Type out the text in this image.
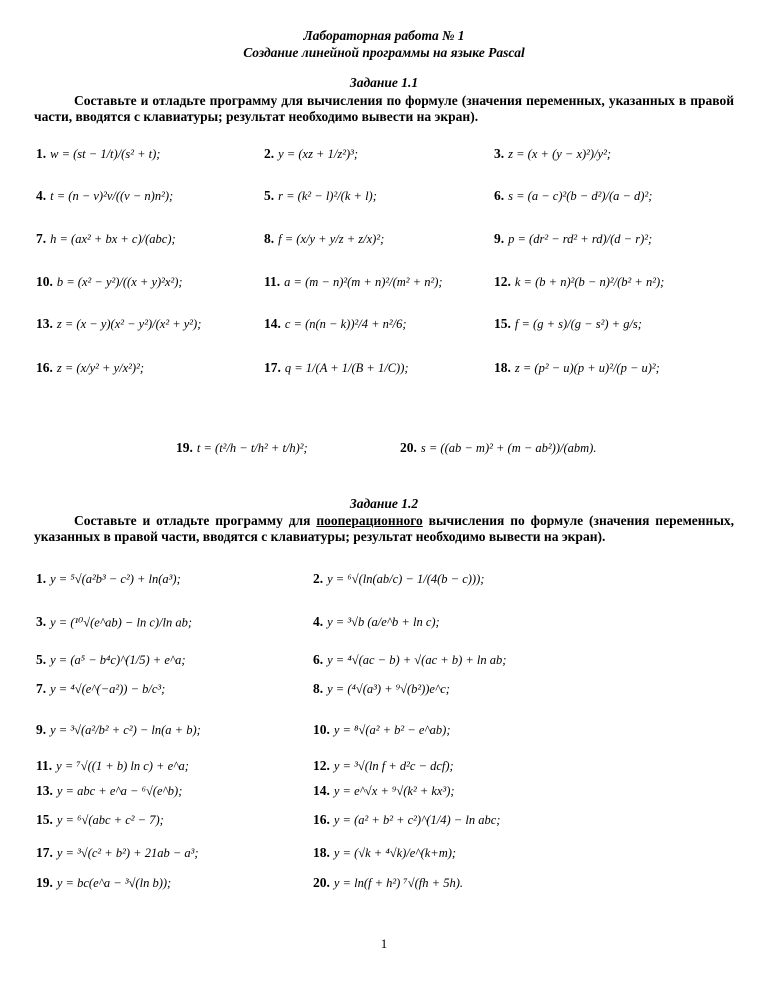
Лабораторная работа № 1
Создание линейной программы на языке Pascal
Задание 1.1
Составьте и отладьте программу для вычисления по формуле (значения переменных, указанных в правой части, вводятся с клавиатуры; результат необходимо вывести на экран).
1. w = (st − 1/t)/(s² + t);	2. y = (xz + 1/z²)³;	3. z = (x + (y − x)²)/y²;
4. t = (n − v)²v/((v − n)n²);	5. r = (k² − l)²/(k + l);	6. s = (a − c)²(b − d²)/(a − d)²;
7. h = (ax² + bx + c)/(abc);	8. f = (x/y + y/z + z/x)²;	9. p = (dr² − rd² + rd)/(d − r)²;
10. b = (x² − y²)/((x + y)²x²);	11. a = (m − n)²(m + n)²/(m² + n²);	12. k = (b + n)²(b − n)²/(b² + n²);
13. z = (x − y)(x² − y²)/(x² + y²);	14. c = (n(n − k))²/4 + n²/6;	15. f = (g + s)/(g − s²) + g/s;
16. z = (x/y² + y/x²)²;	17. q = 1/(A + 1/(B + 1/C));	18. z = (p² − u)(p + u)²/(p − u)²;
19. t = (t²/h − t/h² + t/h)²;	20. s = ((ab − m)² + (m − ab²))/(abm).
Задание 1.2
Составьте и отладьте программу для пооперационного вычисления по формуле (значения переменных, указанных в правой части, вводятся с клавиатуры; результат необходимо вывести на экран).
1. y = ⁵√(a²b³ − c²) + ln(a³);	2. y = ⁶√(ln(ab/c) − 1/(4(b − c)));
3. y = (¹⁰√(e^ab) − ln c)/ln ab;	4. y = ³√b (a/e^b + ln c);
5. y = (a⁵ − b⁴c)^(1/5) + e^a;	6. y = ⁴√(ac − b) + √(ac + b) + ln ab;
7. y = ⁴√(e^(−a²)) − b/c³;	8. y = (⁴√(a³) + ⁹√(b²))e^c;
9. y = ³√(a²/b² + c²) − ln(a + b);	10. y = ⁸√(a² + b² − e^ab);
11. y = ⁷√((1 + b) ln c) + e^a;	12. y = ³√(ln f + d²c − dcf);
13. y = abc + e^a − ⁶√(e^b);	14. y = e^√x + ⁹√(k² + kx³);
15. y = ⁶√(abc + c² − 7);	16. y = (a² + b² + c²)^(1/4) − ln abc;
17. y = ³√(c² + b²) + 21ab − a³;	18. y = (√k + ⁴√k)/e^(k+m);
19. y = bc(e^a − ³√(ln b));	20. y = ln(f + h²) ⁷√(fh + 5h).
1
